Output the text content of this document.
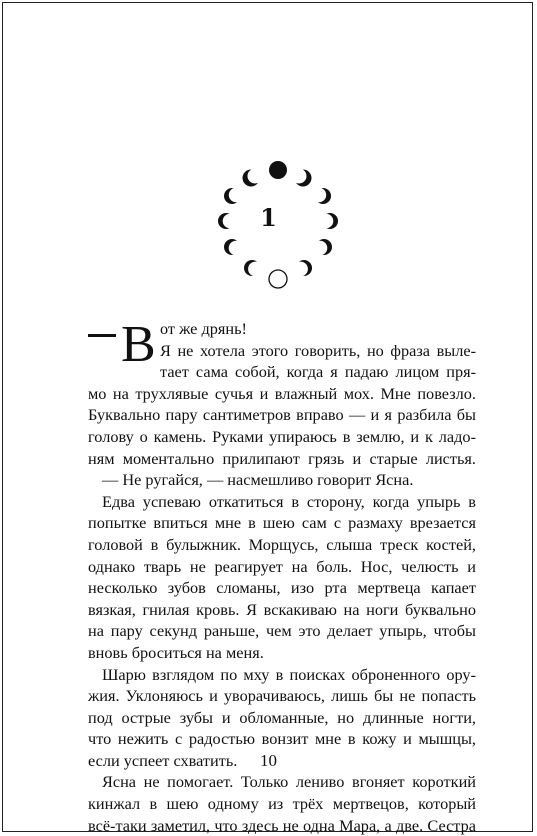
1
В от же дрянь!
Я не хотела этого говорить, но фраза выле-
тает сама собой, когда я падаю лицом пря-
мо на трухлявые сучья и влажный мох. Мне повезло.
Буквально пару сантиметров вправо — и я разбила бы
голову о камень. Руками упираюсь в землю, и к ладо-
ням моментально прилипают грязь и старые листья.
— Не ругайся, — насмешливо говорит Ясна.
Едва успеваю откатиться в сторону, когда упырь в
попытке впиться мне в шею сам с размаху врезается
головой в булыжник. Морщусь, слыша треск костей,
однако тварь не реагирует на боль. Нос, челюсть и
несколько зубов сломаны, изо рта мертвеца капает
вязкая, гнилая кровь. Я вскакиваю на ноги буквально
на пару секунд раньше, чем это делает упырь, чтобы
вновь броситься на меня.
Шарю взглядом по мху в поисках оброненного ору-
жия. Уклоняюсь и уворачиваюсь, лишь бы не попасть
под острые зубы и обломанные, но длинные ногти,
что нежить с радостью вонзит мне в кожу и мышцы,
если успеет схватить.
Ясна не помогает. Только лениво вгоняет короткий
кинжал в шею одному из трёх мертвецов, который
всё-таки заметил, что здесь не одна Мара, а две. Сестра
10
